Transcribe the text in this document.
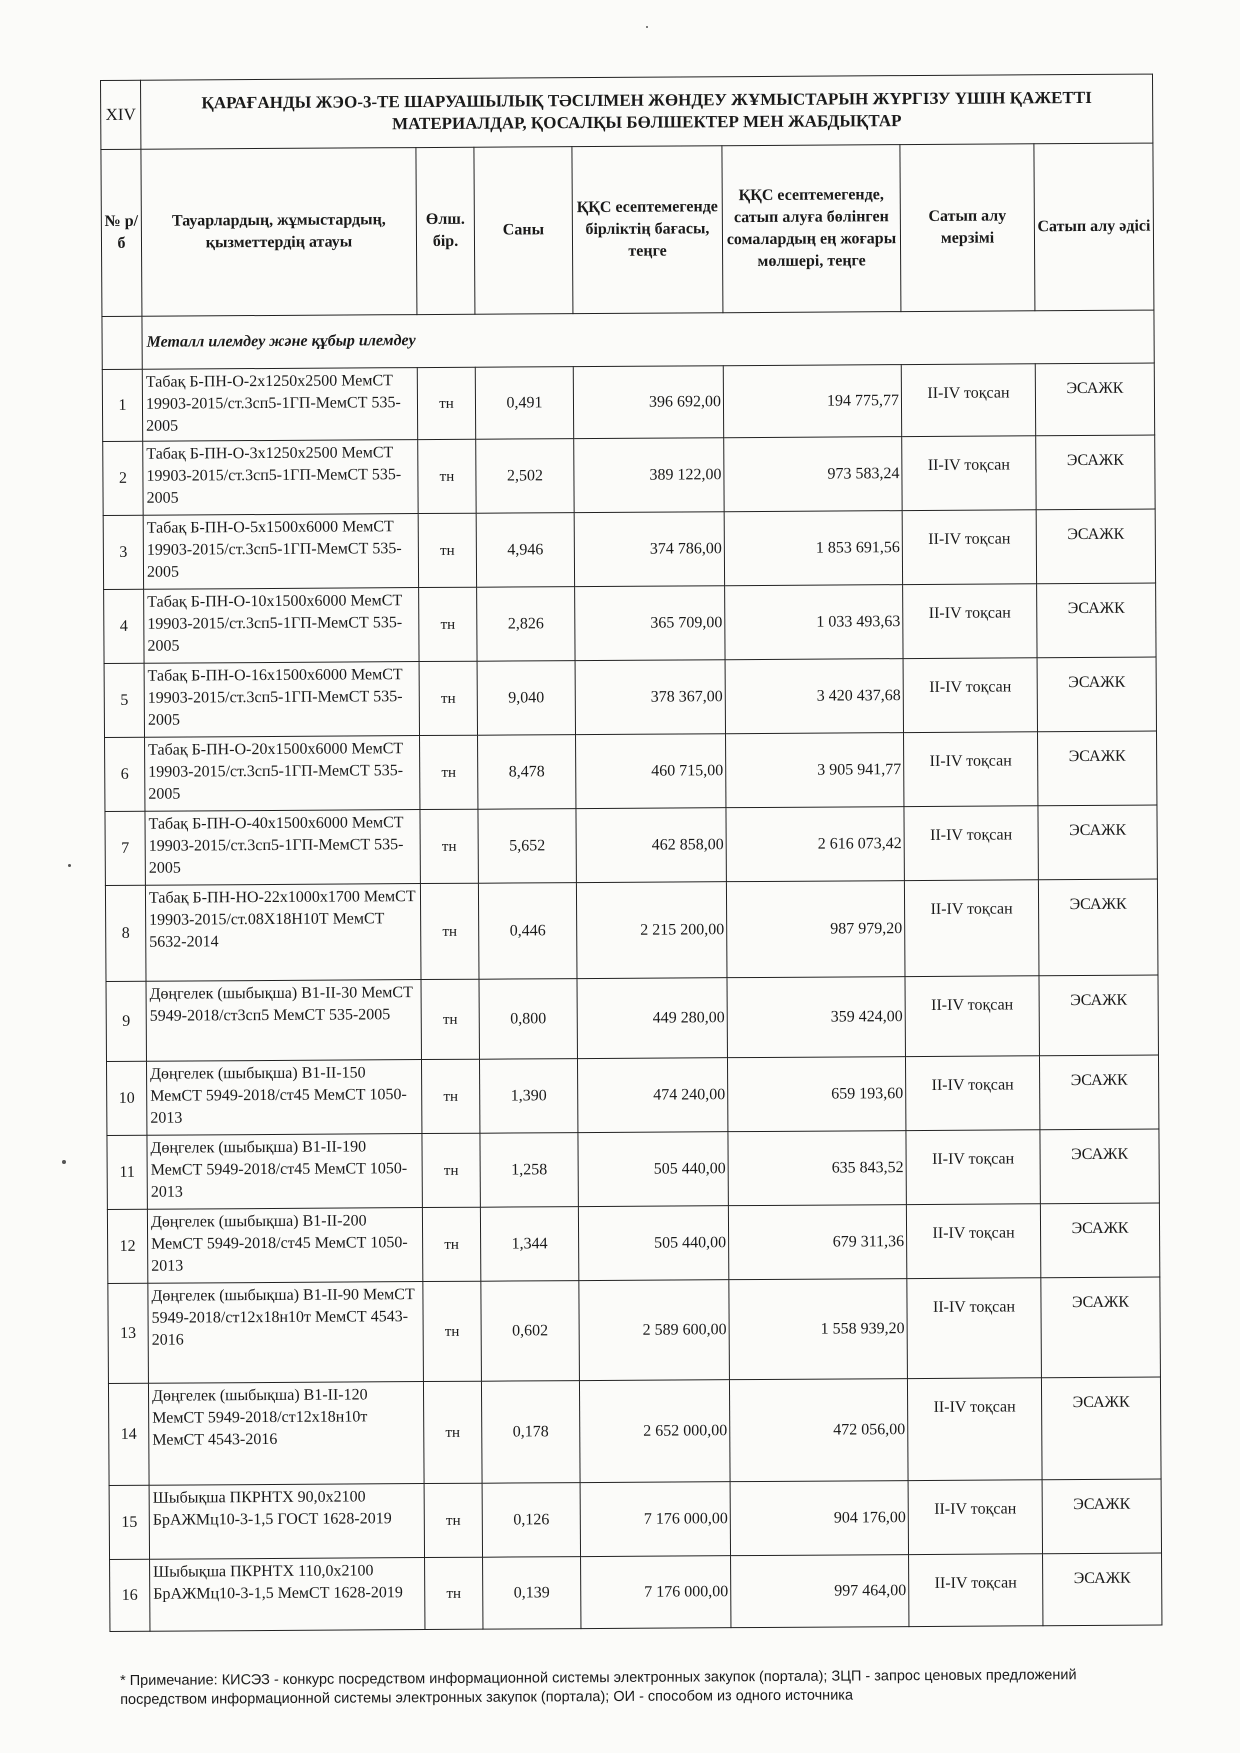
XIV	ҚАРАҒАНДЫ ЖЭО-3-ТЕ ШАРУАШЫЛЫҚ ТӘСІЛМЕН ЖӨНДЕУ ЖҰМЫСТАРЫН ЖҮРГІЗУ ҮШІН ҚАЖЕТТІ МАТЕРИАЛДАР, ҚОСАЛҚЫ БӨЛШЕКТЕР МЕН ЖАБДЫҚТАР						
№ р/б	Тауарлардың, жұмыстардың, қызметтердің атауы	Өлш. бір.	Саны	ҚҚС есептемегенде бірліктің бағасы, теңге	ҚҚС есептемегенде, сатып алуға бөлінген сомалардың ең жоғары мөлшері, теңге	Сатып алу мерзімі	Сатып алу әдісі
	Металл илемдеу және құбыр илемдеу						
1	Табақ Б-ПН-О-2х1250х2500 МемСТ 19903-2015/ст.3сп5-1ГП-МемСТ 535-2005	тн	0,491	396 692,00	194 775,77	II-IV тоқсан	ЭСАЖК
2	Табақ Б-ПН-О-3х1250х2500 МемСТ 19903-2015/ст.3сп5-1ГП-МемСТ 535-2005	тн	2,502	389 122,00	973 583,24	II-IV тоқсан	ЭСАЖК
3	Табақ Б-ПН-О-5х1500х6000 МемСТ 19903-2015/ст.3сп5-1ГП-МемСТ 535-2005	тн	4,946	374 786,00	1 853 691,56	II-IV тоқсан	ЭСАЖК
4	Табақ Б-ПН-О-10х1500х6000 МемСТ 19903-2015/ст.3сп5-1ГП-МемСТ 535-2005	тн	2,826	365 709,00	1 033 493,63	II-IV тоқсан	ЭСАЖК
5	Табақ Б-ПН-О-16х1500х6000 МемСТ 19903-2015/ст.3сп5-1ГП-МемСТ 535-2005	тн	9,040	378 367,00	3 420 437,68	II-IV тоқсан	ЭСАЖК
6	Табақ Б-ПН-О-20х1500х6000 МемСТ 19903-2015/ст.3сп5-1ГП-МемСТ 535-2005	тн	8,478	460 715,00	3 905 941,77	II-IV тоқсан	ЭСАЖК
7	Табақ Б-ПН-О-40х1500х6000 МемСТ 19903-2015/ст.3сп5-1ГП-МемСТ 535-2005	тн	5,652	462 858,00	2 616 073,42	II-IV тоқсан	ЭСАЖК
8	Табақ Б-ПН-НО-22х1000х1700 МемСТ 19903-2015/ст.08Х18Н10Т МемСТ 5632-2014	тн	0,446	2 215 200,00	987 979,20	II-IV тоқсан	ЭСАЖК
9	Дөңгелек (шыбықша) В1-II-30 МемСТ 5949-2018/ст3сп5 МемСТ 535-2005	тн	0,800	449 280,00	359 424,00	II-IV тоқсан	ЭСАЖК
10	Дөңгелек (шыбықша) В1-II-150 МемСТ 5949-2018/ст45 МемСТ 1050-2013	тн	1,390	474 240,00	659 193,60	II-IV тоқсан	ЭСАЖК
11	Дөңгелек (шыбықша) В1-II-190 МемСТ 5949-2018/ст45 МемСТ 1050-2013	тн	1,258	505 440,00	635 843,52	II-IV тоқсан	ЭСАЖК
12	Дөңгелек (шыбықша) В1-II-200 МемСТ 5949-2018/ст45 МемСТ 1050-2013	тн	1,344	505 440,00	679 311,36	II-IV тоқсан	ЭСАЖК
13	Дөңгелек (шыбықша) В1-II-90 МемСТ 5949-2018/ст12х18н10т МемСТ 4543-2016	тн	0,602	2 589 600,00	1 558 939,20	II-IV тоқсан	ЭСАЖК
14	Дөңгелек (шыбықша) В1-II-120 МемСТ 5949-2018/ст12х18н10т МемСТ 4543-2016	тн	0,178	2 652 000,00	472 056,00	II-IV тоқсан	ЭСАЖК
15	Шыбықша ПКРНТХ 90,0х2100 БрАЖМц10-3-1,5 ГОСТ 1628-2019	тн	0,126	7 176 000,00	904 176,00	II-IV тоқсан	ЭСАЖК
16	Шыбықша ПКРНТХ 110,0х2100 БрАЖМц10-3-1,5 МемСТ 1628-2019	тн	0,139	7 176 000,00	997 464,00	II-IV тоқсан	ЭСАЖК
* Примечание: КИСЭЗ - конкурс посредством информационной системы электронных закупок (портала); ЗЦП - запрос ценовых предложений посредством информационной системы электронных закупок (портала); ОИ - способом из одного источника
